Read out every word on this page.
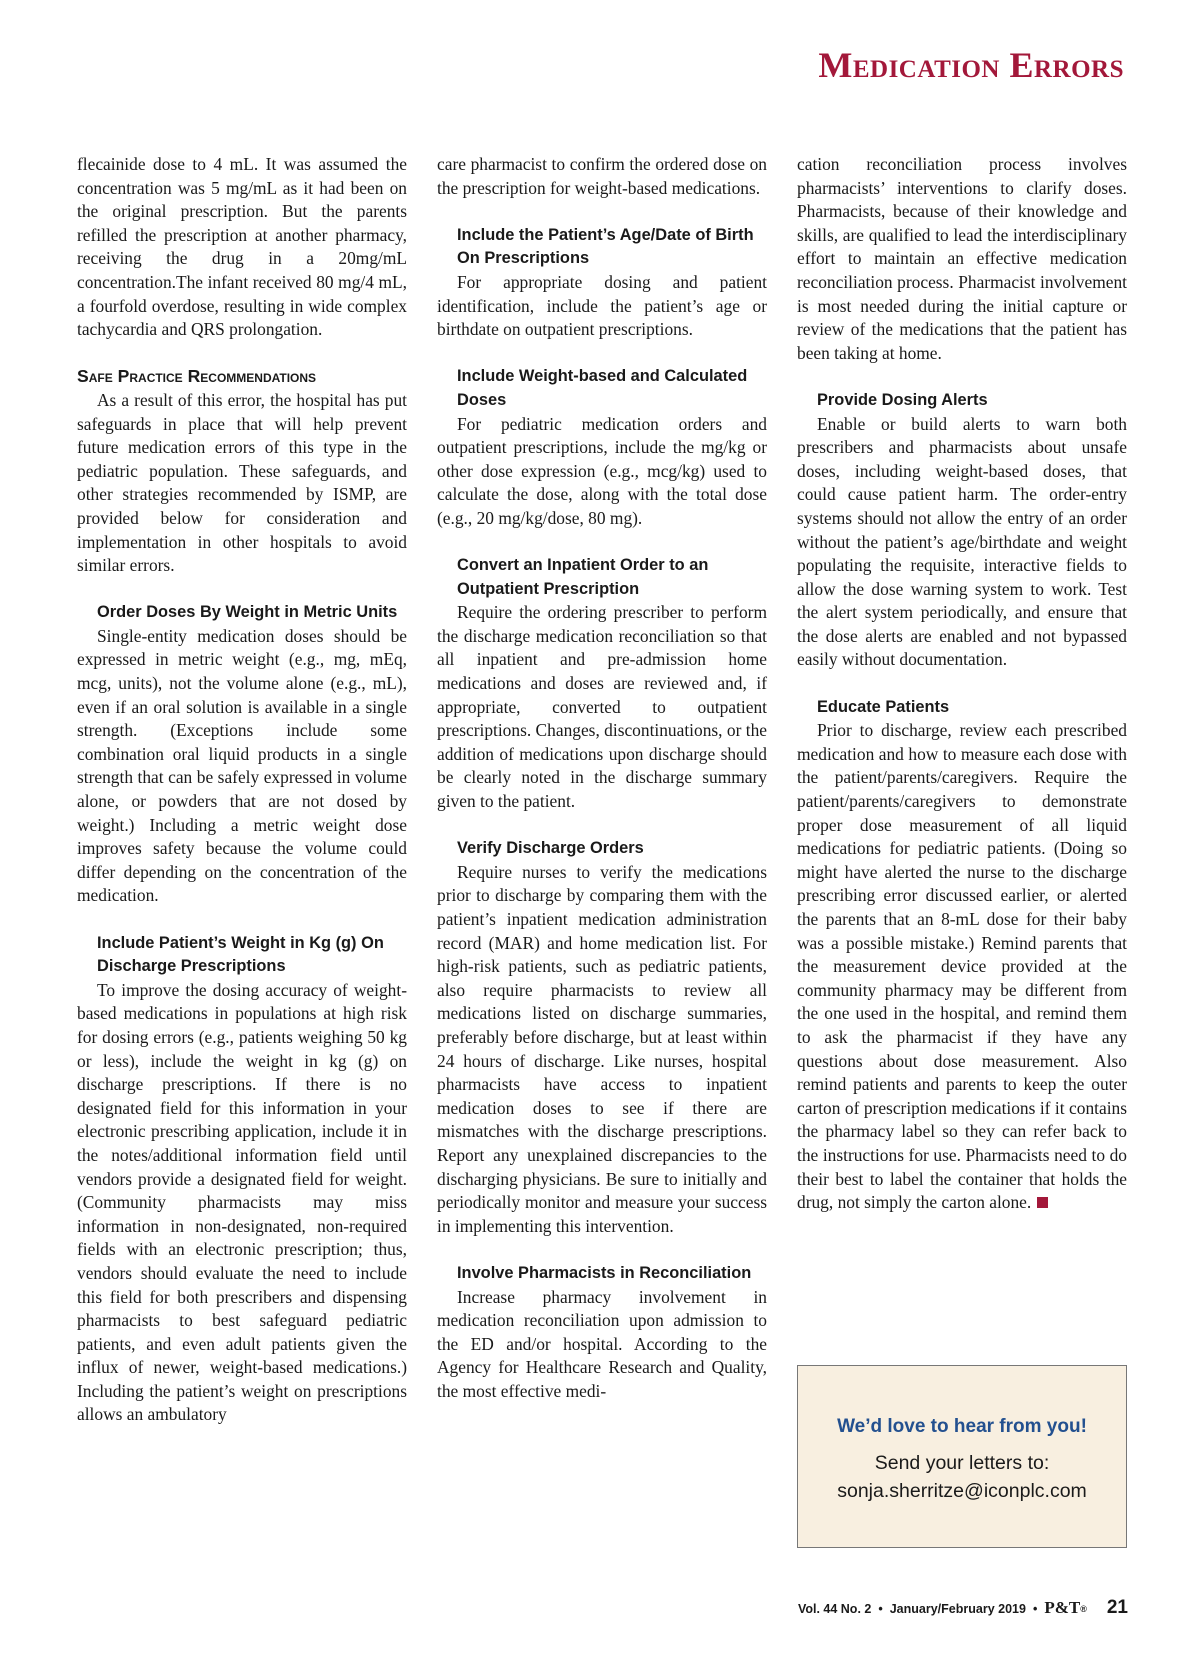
Medication Errors

flecainide dose to 4 mL. It was assumed the concentration was 5 mg/mL as it had been on the original prescription. But the parents refilled the prescription at another pharmacy, receiving the drug in a 20mg/mL concentration.The infant received 80 mg/4 mL, a fourfold overdose, resulting in wide complex tachycardia and QRS prolongation.

Safe Practice Recommendations

As a result of this error, the hospital has put safeguards in place that will help prevent future medication errors of this type in the pediatric population. These safeguards, and other strategies recommended by ISMP, are provided below for consideration and implementation in other hospitals to avoid similar errors.

Order Doses By Weight in Metric Units

Single-entity medication doses should be expressed in metric weight (e.g., mg, mEq, mcg, units), not the volume alone (e.g., mL), even if an oral solution is available in a single strength. (Exceptions include some combination oral liquid products in a single strength that can be safely expressed in volume alone, or powders that are not dosed by weight.) Including a metric weight dose improves safety because the volume could differ depending on the concentration of the medication.

Include Patient’s Weight in Kg (g) On Discharge Prescriptions

To improve the dosing accuracy of weight-based medications in populations at high risk for dosing errors (e.g., patients weighing 50 kg or less), include the weight in kg (g) on discharge prescriptions. If there is no designated field for this information in your electronic prescribing application, include it in the notes/additional information field until vendors provide a designated field for weight. (Community pharmacists may miss information in non-designated, non-required fields with an electronic prescription; thus, vendors should evaluate the need to include this field for both prescribers and dispensing pharmacists to best safeguard pediatric patients, and even adult patients given the influx of newer, weight-based medications.) Including the patient’s weight on prescriptions allows an ambulatory

care pharmacist to confirm the ordered dose on the prescription for weight-based medications.

Include the Patient’s Age/Date of Birth On Prescriptions

For appropriate dosing and patient identification, include the patient’s age or birthdate on outpatient prescriptions.

Include Weight-based and Calculated Doses

For pediatric medication orders and outpatient prescriptions, include the mg/kg or other dose expression (e.g., mcg/kg) used to calculate the dose, along with the total dose (e.g., 20 mg/kg/dose, 80 mg).

Convert an Inpatient Order to an Outpatient Prescription

Require the ordering prescriber to perform the discharge medication reconciliation so that all inpatient and pre-admission home medications and doses are reviewed and, if appropriate, converted to outpatient prescriptions. Changes, discontinuations, or the addition of medications upon discharge should be clearly noted in the discharge summary given to the patient.

Verify Discharge Orders

Require nurses to verify the medications prior to discharge by comparing them with the patient’s inpatient medication administration record (MAR) and home medication list. For high-risk patients, such as pediatric patients, also require pharmacists to review all medications listed on discharge summaries, preferably before discharge, but at least within 24 hours of discharge. Like nurses, hospital pharmacists have access to inpatient medication doses to see if there are mismatches with the discharge prescriptions. Report any unexplained discrepancies to the discharging physicians. Be sure to initially and periodically monitor and measure your success in implementing this intervention.

Involve Pharmacists in Reconciliation

Increase pharmacy involvement in medication reconciliation upon admission to the ED and/or hospital. According to the Agency for Healthcare Research and Quality, the most effective medi-

cation reconciliation process involves pharmacists’ interventions to clarify doses. Pharmacists, because of their knowledge and skills, are qualified to lead the interdisciplinary effort to maintain an effective medication reconciliation process. Pharmacist involvement is most needed during the initial capture or review of the medications that the patient has been taking at home.

Provide Dosing Alerts

Enable or build alerts to warn both prescribers and pharmacists about unsafe doses, including weight-based doses, that could cause patient harm. The order-entry systems should not allow the entry of an order without the patient’s age/birthdate and weight populating the requisite, interactive fields to allow the dose warning system to work. Test the alert system periodically, and ensure that the dose alerts are enabled and not bypassed easily without documentation.

Educate Patients

Prior to discharge, review each prescribed medication and how to measure each dose with the patient/parents/caregivers. Require the patient/parents/caregivers to demonstrate proper dose measurement of all liquid medications for pediatric patients. (Doing so might have alerted the nurse to the discharge prescribing error discussed earlier, or alerted the parents that an 8-mL dose for their baby was a possible mistake.) Remind parents that the measurement device provided at the community pharmacy may be different from the one used in the hospital, and remind them to ask the pharmacist if they have any questions about dose measurement. Also remind patients and parents to keep the outer carton of prescription medications if it contains the pharmacy label so they can refer back to the instructions for use. Pharmacists need to do their best to label the container that holds the drug, not simply the carton alone.

We’d love to hear from you!

Send your letters to:

sonja.sherritze@iconplc.com

Vol. 44 No. 2 • January/February 2019 • P&T® 21
